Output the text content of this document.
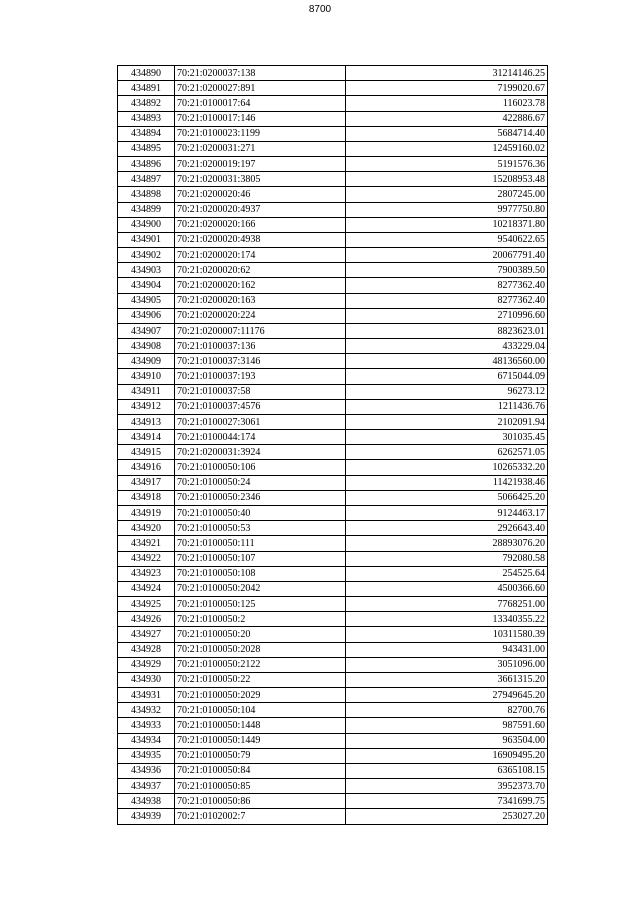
8700
434890	70:21:0200037:138	31214146.25
434891	70:21:0200027:891	7199020.67
434892	70:21:0100017:64	116023.78
434893	70:21:0100017:146	422886.67
434894	70:21:0100023:1199	5684714.40
434895	70:21:0200031:271	12459160.02
434896	70:21:0200019:197	5191576.36
434897	70:21:0200031:3805	15208953.48
434898	70:21:0200020:46	2807245.00
434899	70:21:0200020:4937	9977750.80
434900	70:21:0200020:166	10218371.80
434901	70:21:0200020:4938	9540622.65
434902	70:21:0200020:174	20067791.40
434903	70:21:0200020:62	7900389.50
434904	70:21:0200020:162	8277362.40
434905	70:21:0200020:163	8277362.40
434906	70:21:0200020:224	2710996.60
434907	70:21:0200007:11176	8823623.01
434908	70:21:0100037:136	433229.04
434909	70:21:0100037:3146	48136560.00
434910	70:21:0100037:193	6715044.09
434911	70:21:0100037:58	96273.12
434912	70:21:0100037:4576	1211436.76
434913	70:21:0100027:3061	2102091.94
434914	70:21:0100044:174	301035.45
434915	70:21:0200031:3924	6262571.05
434916	70:21:0100050:106	10265332.20
434917	70:21:0100050:24	11421938.46
434918	70:21:0100050:2346	5066425.20
434919	70:21:0100050:40	9124463.17
434920	70:21:0100050:53	2926643.40
434921	70:21:0100050:111	28893076.20
434922	70:21:0100050:107	792080.58
434923	70:21:0100050:108	254525.64
434924	70:21:0100050:2042	4500366.60
434925	70:21:0100050:125	7768251.00
434926	70:21:0100050:2	13340355.22
434927	70:21:0100050:20	10311580.39
434928	70:21:0100050:2028	943431.00
434929	70:21:0100050:2122	3051096.00
434930	70:21:0100050:22	3661315.20
434931	70:21:0100050:2029	27949645.20
434932	70:21:0100050:104	82700.76
434933	70:21:0100050:1448	987591.60
434934	70:21:0100050:1449	963504.00
434935	70:21:0100050:79	16909495.20
434936	70:21:0100050:84	6365108.15
434937	70:21:0100050:85	3952373.70
434938	70:21:0100050:86	7341699.75
434939	70:21:0102002:7	253027.20
